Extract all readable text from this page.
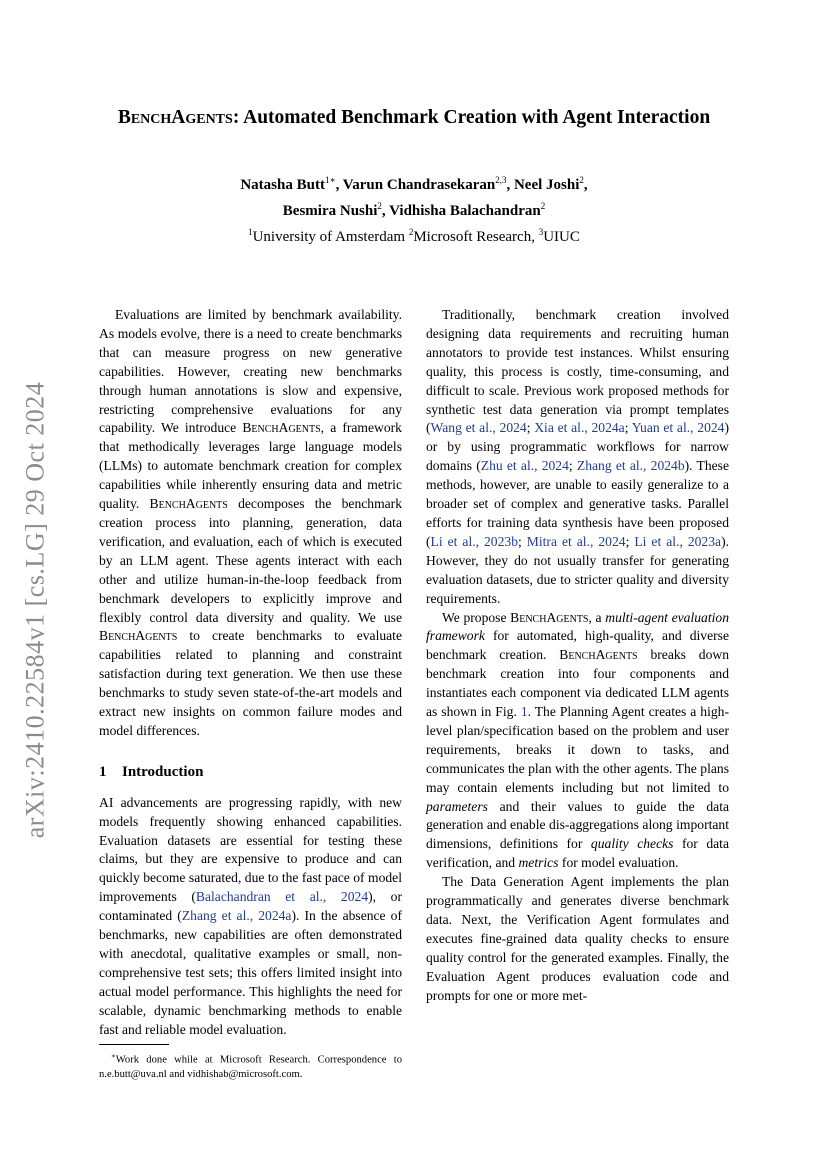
BenchAgents: Automated Benchmark Creation with Agent Interaction
Natasha Butt$^{1∗}$, Varun Chandrasekaran$^{2,3}$, Neel Joshi$^2$,
Besmira Nushi$^2$, Vidhisha Balachandran$^2$
$^1$University of Amsterdam $^2$Microsoft Research, $^3$UIUC
arXiv:2410.22584v1 [cs.LG] 29 Oct 2024

Evaluations are limited by benchmark availability. As models evolve, there is a need to create benchmarks that can measure progress on new generative capabilities. However, creating new benchmarks through human annotations is slow and expensive, restricting comprehensive evaluations for any capability. We introduce BenchAgents, a framework that methodically leverages large language models (LLMs) to automate benchmark creation for complex capabilities while inherently ensuring data and metric quality. BenchAgents decomposes the benchmark creation process into planning, generation, data verification, and evaluation, each of which is executed by an LLM agent. These agents interact with each other and utilize human-in-the-loop feedback from benchmark developers to explicitly improve and flexibly control data diversity and quality. We use BenchAgents to create benchmarks to evaluate capabilities related to planning and constraint satisfaction during text generation. We then use these benchmarks to study seven state-of-the-art models and extract new insights on common failure modes and model differences.

1 Introduction

AI advancements are progressing rapidly, with new models frequently showing enhanced capabilities. Evaluation datasets are essential for testing these claims, but they are expensive to produce and can quickly become saturated, due to the fast pace of model improvements (Balachandran et al., 2024), or contaminated (Zhang et al., 2024a). In the absence of benchmarks, new capabilities are often demonstrated with anecdotal, qualitative examples or small, non-comprehensive test sets; this offers limited insight into actual model performance. This highlights the need for scalable, dynamic benchmarking methods to enable fast and reliable model evaluation.

Traditionally, benchmark creation involved designing data requirements and recruiting human annotators to provide test instances. Whilst ensuring quality, this process is costly, time-consuming, and difficult to scale. Previous work proposed methods for synthetic test data generation via prompt templates (Wang et al., 2024; Xia et al., 2024a; Yuan et al., 2024) or by using programmatic workflows for narrow domains (Zhu et al., 2024; Zhang et al., 2024b). These methods, however, are unable to easily generalize to a broader set of complex and generative tasks. Parallel efforts for training data synthesis have been proposed (Li et al., 2023b; Mitra et al., 2024; Li et al., 2023a). However, they do not usually transfer for generating evaluation datasets, due to stricter quality and diversity requirements.

We propose BenchAgents, a multi-agent evaluation framework for automated, high-quality, and diverse benchmark creation. BenchAgents breaks down benchmark creation into four components and instantiates each component via dedicated LLM agents as shown in Fig. 1. The Planning Agent creates a high-level plan/specification based on the problem and user requirements, breaks it down to tasks, and communicates the plan with the other agents. The plans may contain elements including but not limited to parameters and their values to guide the data generation and enable dis-aggregations along important dimensions, definitions for quality checks for data verification, and metrics for model evaluation.

The Data Generation Agent implements the plan programmatically and generates diverse benchmark data. Next, the Verification Agent formulates and executes fine-grained data quality checks to ensure quality control for the generated examples. Finally, the Evaluation Agent produces evaluation code and prompts for one or more met-

∗Work done while at Microsoft Research. Correspondence to n.e.butt@uva.nl and vidhishab@microsoft.com.
